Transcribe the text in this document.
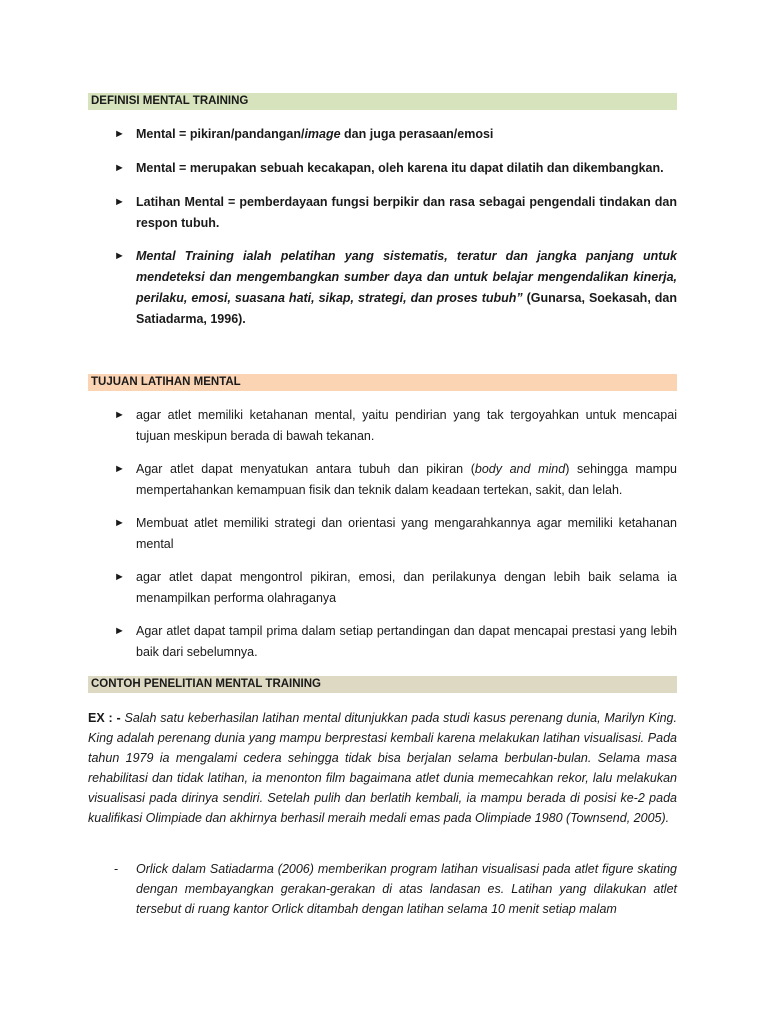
DEFINISI MENTAL TRAINING
► Mental = pikiran/pandangan/image dan juga perasaan/emosi

► Mental = merupakan sebuah kecakapan, oleh karena itu dapat dilatih dan dikembangkan.

► Latihan Mental = pemberdayaan fungsi berpikir dan rasa sebagai pengendali tindakan dan respon tubuh.

► Mental Training ialah pelatihan yang sistematis, teratur dan jangka panjang untuk mendeteksi dan mengembangkan sumber daya dan untuk belajar mengendalikan kinerja, perilaku, emosi, suasana hati, sikap, strategi, dan proses tubuh” (Gunarsa, Soekasah, dan Satiadarma, 1996).

TUJUAN LATIHAN MENTAL
► agar atlet memiliki ketahanan mental, yaitu pendirian yang tak tergoyahkan untuk mencapai tujuan meskipun berada di bawah tekanan.

► Agar atlet dapat menyatukan antara tubuh dan pikiran (body and mind) sehingga mampu mempertahankan kemampuan fisik dan teknik dalam keadaan tertekan, sakit, dan lelah.

► Membuat atlet memiliki strategi dan orientasi yang mengarahkannya agar memiliki ketahanan mental

► agar atlet dapat mengontrol pikiran, emosi, dan perilakunya dengan lebih baik selama ia menampilkan performa olahraganya

► Agar atlet dapat tampil prima dalam setiap pertandingan dan dapat mencapai prestasi yang lebih baik dari sebelumnya.

CONTOH PENELITIAN MENTAL TRAINING

EX : - Salah satu keberhasilan latihan mental ditunjukkan pada studi kasus perenang dunia, Marilyn King. King adalah perenang dunia yang mampu berprestasi kembali karena melakukan latihan visualisasi. Pada tahun 1979 ia mengalami cedera sehingga tidak bisa berjalan selama berbulan-bulan. Selama masa rehabilitasi dan tidak latihan, ia menonton film bagaimana atlet dunia memecahkan rekor, lalu melakukan visualisasi pada dirinya sendiri. Setelah pulih dan berlatih kembali, ia mampu berada di posisi ke-2 pada kualifikasi Olimpiade dan akhirnya berhasil meraih medali emas pada Olimpiade 1980 (Townsend, 2005).

- Orlick dalam Satiadarma (2006) memberikan program latihan visualisasi pada atlet figure skating dengan membayangkan gerakan-gerakan di atas landasan es. Latihan yang dilakukan atlet tersebut di ruang kantor Orlick ditambah dengan latihan selama 10 menit setiap malam
